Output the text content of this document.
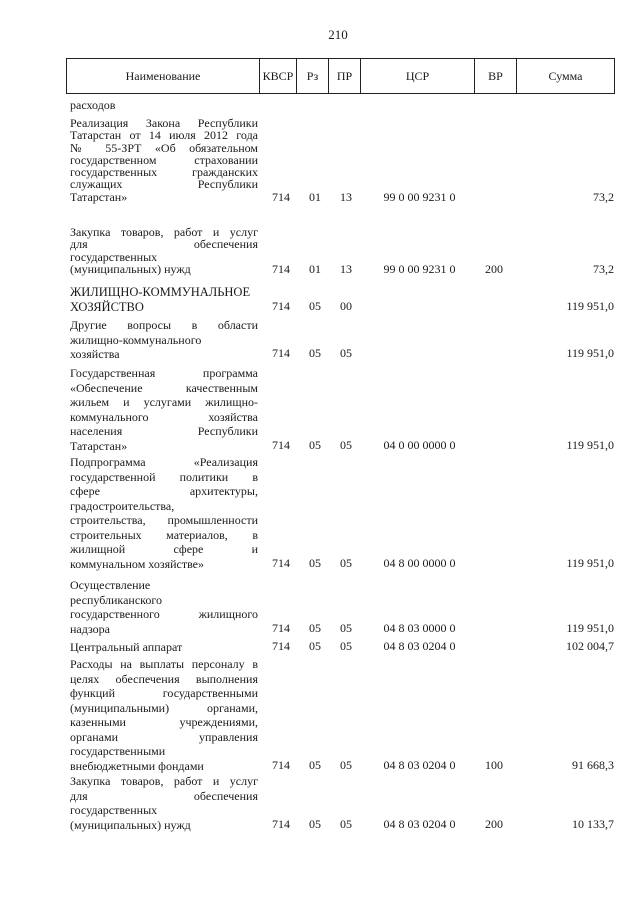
210
Наименование	КВСР	Рз	ПР	ЦСР	ВР	Сумма
расходов
Реализация Закона Республики
Татарстан от 14 июля 2012 года
№ 55-ЗРТ «Об обязательном
государственном страховании
государственных гражданских
служащих Республики
Татарстан»	714 01 13	99 0 00 9231 0	73,2
Закупка товаров, работ и услуг
для обеспечения
государственных
(муниципальных) нужд	714 01 13	99 0 00 9231 0	200	73,2
ЖИЛИЩНО-КОММУНАЛЬНОЕ
ХОЗЯЙСТВО	714 05 00	119 951,0
Другие вопросы в области
жилищно-коммунального
хозяйства	714 05 05	119 951,0
Государственная программа
«Обеспечение качественным
жильем и услугами жилищно-
коммунального хозяйства
населения Республики
Татарстан»	714 05 05	04 0 00 0000 0	119 951,0
Подпрограмма «Реализация
государственной политики в
сфере архитектуры,
градостроительства,
строительства, промышленности
строительных материалов, в
жилищной сфере и
коммунальном хозяйстве»	714 05 05	04 8 00 0000 0	119 951,0
Осуществление
республиканского
государственного жилищного
надзора	714 05 05	04 8 03 0000 0	119 951,0
Центральный аппарат	714 05 05	04 8 03 0204 0	102 004,7
Расходы на выплаты персоналу в
целях обеспечения выполнения
функций государственными
(муниципальными) органами,
казенными учреждениями,
органами управления
государственными
внебюджетными фондами	714 05 05	04 8 03 0204 0	100	91 668,3
Закупка товаров, работ и услуг
для обеспечения
государственных
(муниципальных) нужд	714 05 05	04 8 03 0204 0	200	10 133,7
